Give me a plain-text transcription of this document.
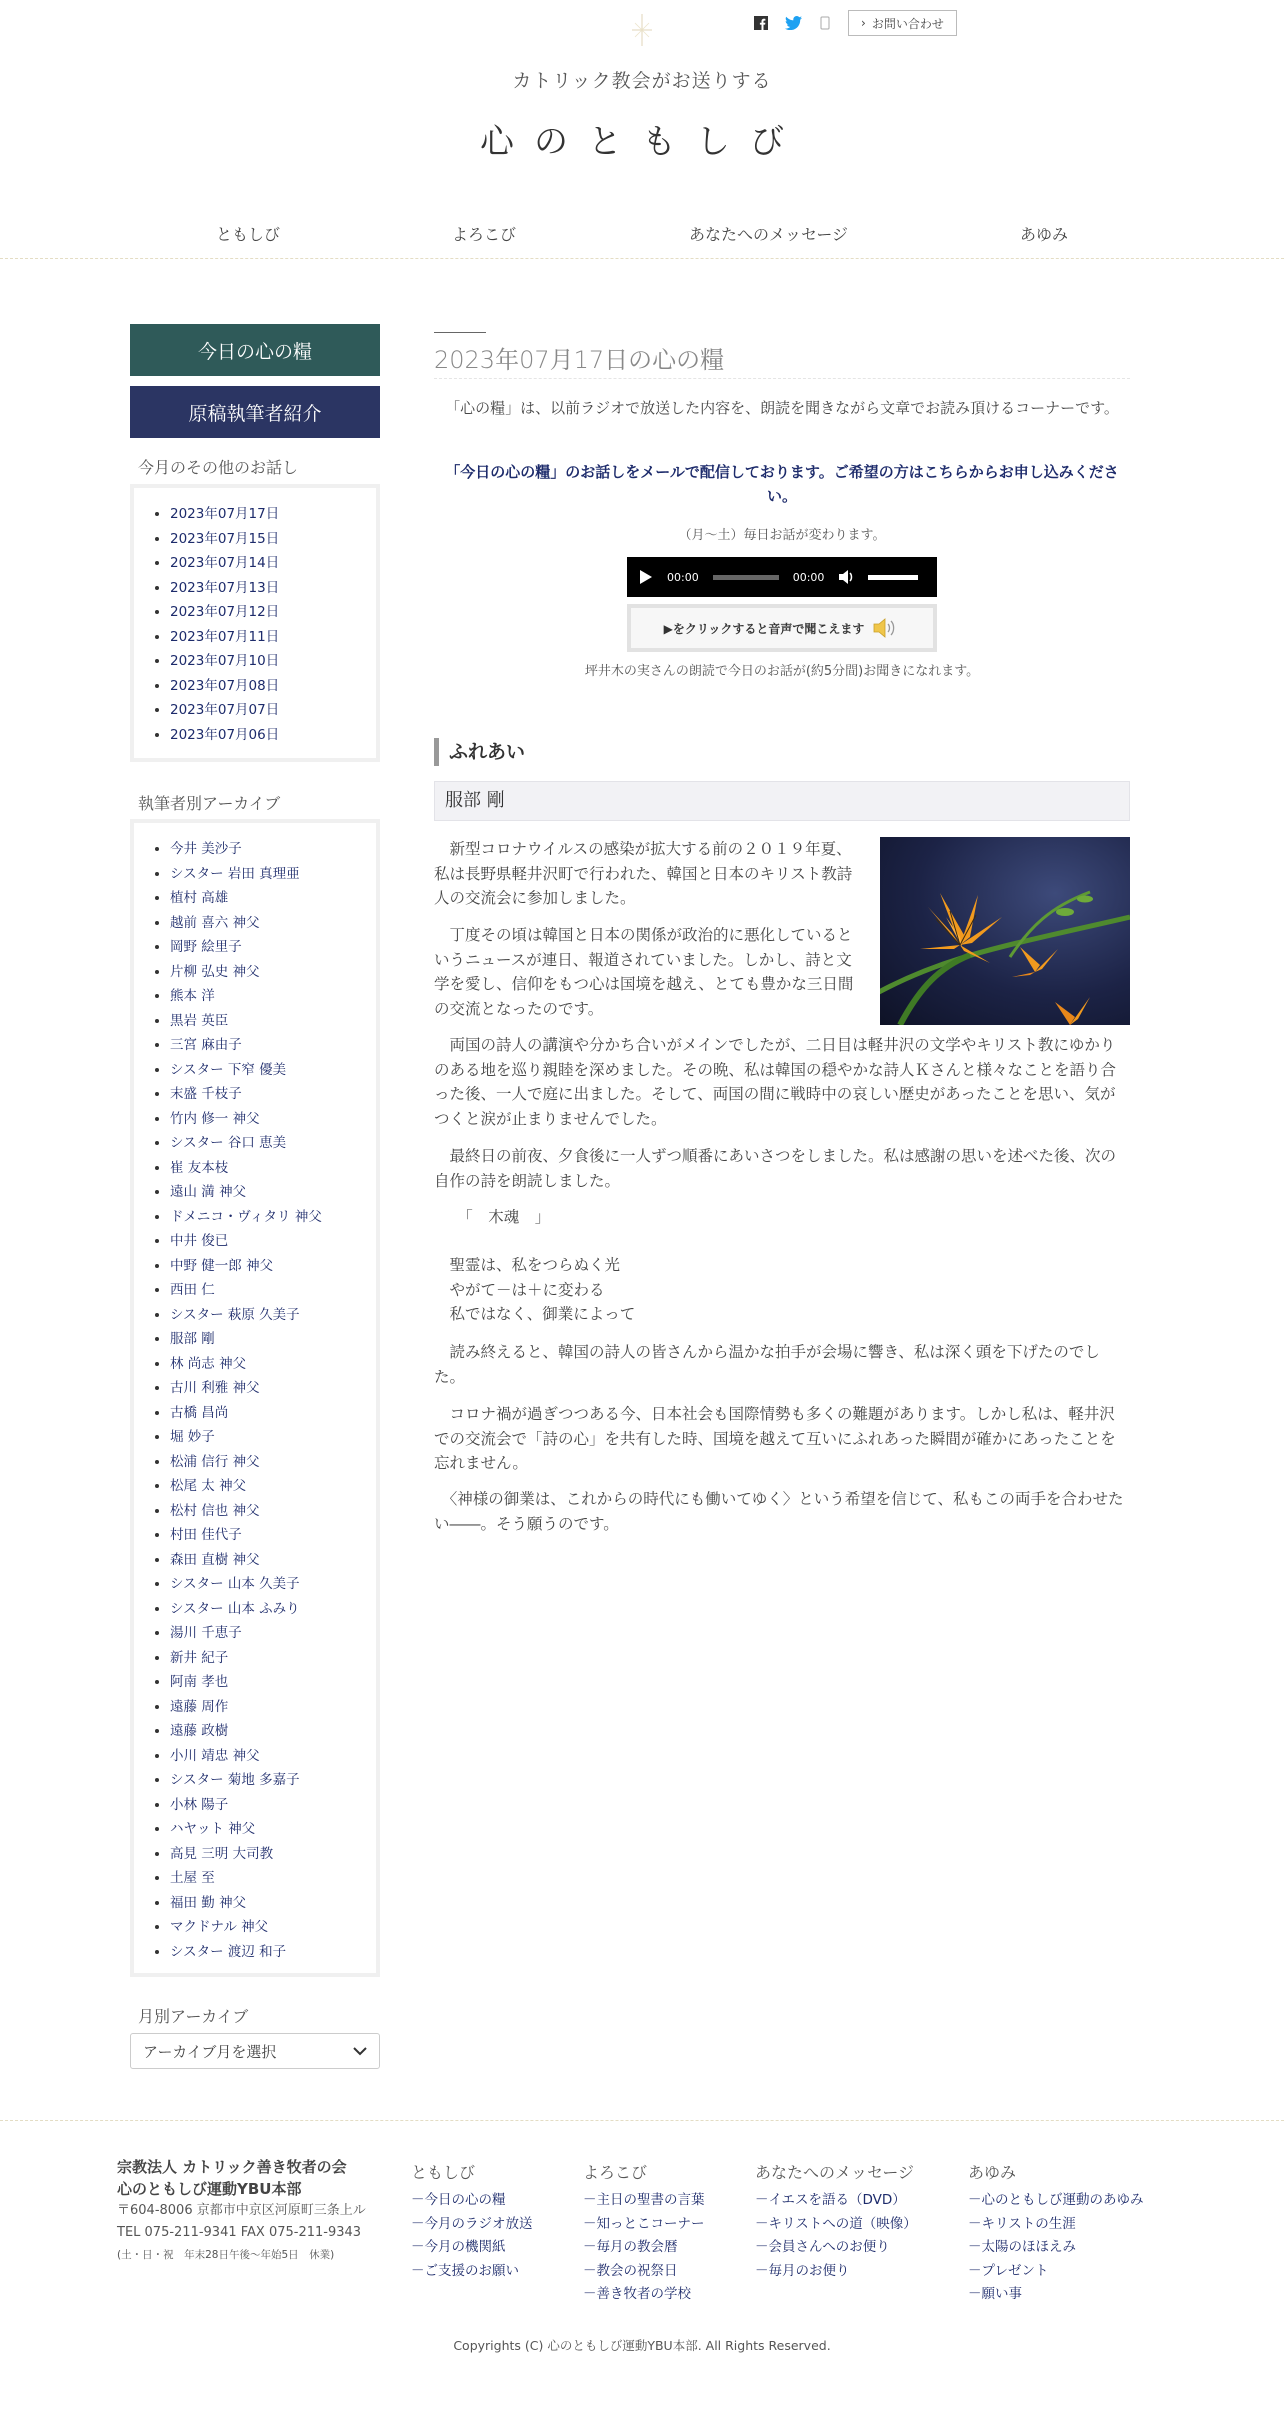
› お問い合わせ
カトリック教会がお送りする
心のともしび
ともしび	よろこび	あなたへのメッセージ	あゆみ
今日の心の糧
原稿執筆者紹介
今月のその他のお話し
• 2023年07月17日
• 2023年07月15日
• 2023年07月14日
• 2023年07月13日
• 2023年07月12日
• 2023年07月11日
• 2023年07月10日
• 2023年07月08日
• 2023年07月07日
• 2023年07月06日
執筆者別アーカイブ
• 今井 美沙子
• シスター 岩田 真理亜
• 植村 高雄
• 越前 喜六 神父
• 岡野 絵里子
• 片柳 弘史 神父
• 熊本 洋
• 黒岩 英臣
• 三宮 麻由子
• シスター 下窄 優美
• 末盛 千枝子
• 竹内 修一 神父
• シスター 谷口 恵美
• 崔 友本枝
• 遠山 満 神父
• ドメニコ・ヴィタリ 神父
• 中井 俊已
• 中野 健一郎 神父
• 西田 仁
• シスター 萩原 久美子
• 服部 剛
• 林 尚志 神父
• 古川 利雅 神父
• 古橋 昌尚
• 堀 妙子
• 松浦 信行 神父
• 松尾 太 神父
• 松村 信也 神父
• 村田 佳代子
• 森田 直樹 神父
• シスター 山本 久美子
• シスター 山本 ふみり
• 湯川 千恵子
• 新井 紀子
• 阿南 孝也
• 遠藤 周作
• 遠藤 政樹
• 小川 靖忠 神父
• シスター 菊地 多嘉子
• 小林 陽子
• ハヤット 神父
• 高見 三明 大司教
• 土屋 至
• 福田 勤 神父
• マクドナル 神父
• シスター 渡辺 和子
月別アーカイブ
アーカイブ月を選択
2023年07月17日の心の糧

「心の糧」は、以前ラジオで放送した内容を、朗読を聞きながら文章でお読み頂けるコーナーです。

「今日の心の糧」のお話しをメールで配信しております。ご希望の方はこちらからお申し込みください。

（月〜土）毎日お話が変わります。

00:00	00:00
▶をクリックすると音声で聞こえます

坪井木の実さんの朗読で今日のお話が(約5分間)お聞きになれます。

ふれあい
服部 剛

　新型コロナウイルスの感染が拡大する前の２０１９年夏、私は長野県軽井沢町で行われた、韓国と日本のキリスト教詩人の交流会に参加しました。

　丁度その頃は韓国と日本の関係が政治的に悪化しているというニュースが連日、報道されていました。しかし、詩と文学を愛し、信仰をもつ心は国境を越え、とても豊かな三日間の交流となったのです。

　両国の詩人の講演や分かち合いがメインでしたが、二日目は軽井沢の文学やキリスト教にゆかりのある地を巡り親睦を深めました。その晩、私は韓国の穏やかな詩人Ｋさんと様々なことを語り合った後、一人で庭に出ました。そして、両国の間に戦時中の哀しい歴史があったことを思い、気がつくと涙が止まりませんでした。

　最終日の前夜、夕食後に一人ずつ順番にあいさつをしました。私は感謝の思いを述べた後、次の自作の詩を朗読しました。

　　「　木魂　」

　聖霊は、私をつらぬく光

　やがて－は＋に変わる

　私ではなく、御業によって

　読み終えると、韓国の詩人の皆さんから温かな拍手が会場に響き、私は深く頭を下げたのでした。

　コロナ禍が過ぎつつある今、日本社会も国際情勢も多くの難題があります。しかし私は、軽井沢での交流会で「詩の心」を共有した時、国境を越えて互いにふれあった瞬間が確かにあったことを忘れません。

　〈神様の御業は、これからの時代にも働いてゆく〉という希望を信じて、私もこの両手を合わせたい――。そう願うのです。

宗教法人 カトリック善き牧者の会
心のともしび運動YBU本部
〒604-8006 京都市中京区河原町三条上ル
TEL 075-211-9341 FAX 075-211-9343
(土・日・祝　年末28日午後〜年始5日　休業)
ともしび
－今日の心の糧
－今月のラジオ放送
－今月の機関紙
－ご支援のお願い
よろこび
－主日の聖書の言葉
－知っとこコーナー
－毎月の教会暦
－教会の祝祭日
－善き牧者の学校
あなたへのメッセージ
－イエスを語る（DVD）
－キリストへの道（映像）
－会員さんへのお便り
－毎月のお便り
あゆみ
－心のともしび運動のあゆみ
－キリストの生涯
－太陽のほほえみ
－プレゼント
－願い事
Copyrights (C) 心のともしび運動YBU本部. All Rights Reserved.
